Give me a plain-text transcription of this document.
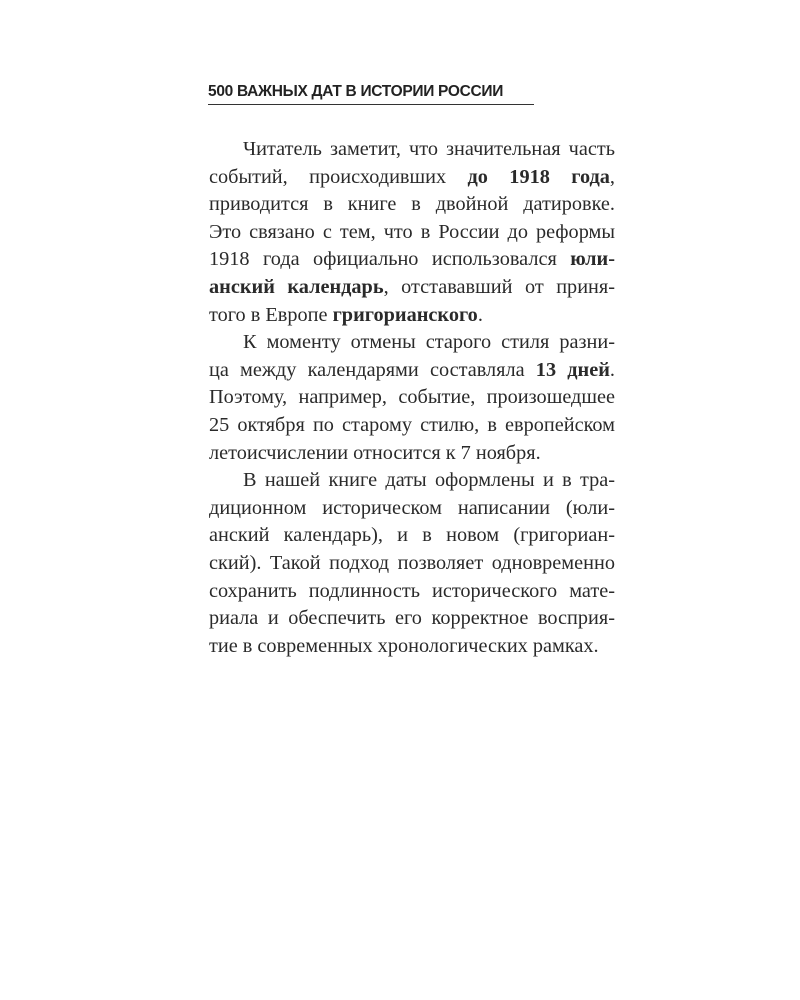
500 ВАЖНЫХ ДАТ В ИСТОРИИ РОССИИ

Читатель заметит, что значительная часть
событий, происходивших до 1918 года,
приводится в книге в двойной датировке.
Это связано с тем, что в России до реформы
1918 года официально использовался юли-
анский календарь, отстававший от приня-
того в Европе григорианского.

К моменту отмены старого стиля разни-
ца между календарями составляла 13 дней.
Поэтому, например, событие, произошедшее
25 октября по старому стилю, в европейском
летоисчислении относится к 7 ноября.

В нашей книге даты оформлены и в тра-
диционном историческом написании (юли-
анский календарь), и в новом (григориан-
ский). Такой подход позволяет одновременно
сохранить подлинность исторического мате-
риала и обеспечить его корректное восприя-
тие в современных хронологических рамках.
